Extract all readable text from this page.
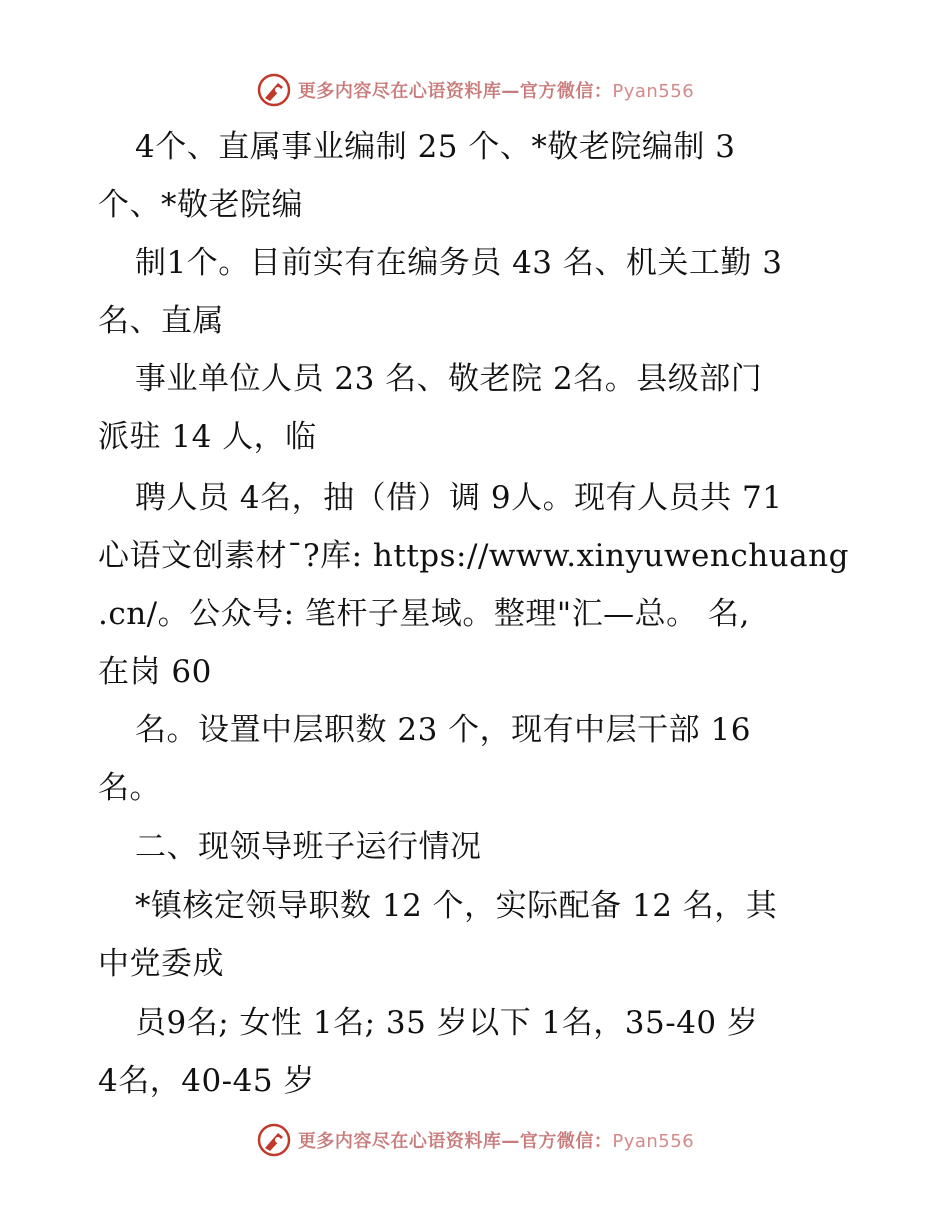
更多内容尽在心语资料库—官方微信：Pyan556
4个、直属事业编制 25 个、*敬老院编制 3
个、*敬老院编
制1个。目前实有在编务员 43 名、机关工勤 3
名、直属
事业单位人员 23 名、敬老院 2名。县级部门
派驻 14 人，临
聘人员 4名，抽（借）调 9人。现有人员共 71
心语文创素材¯?库: https://www.xinyuwenchuang
.cn/。公众号: 笔杆子星域。整理"汇—总。 名,
在岗 60
名。设置中层职数 23 个，现有中层干部 16
名。
二、现领导班子运行情况
*镇核定领导职数 12 个，实际配备 12 名，其
中党委成
员9名; 女性 1名; 35 岁以下 1名，35-40 岁
4名，40-45 岁
更多内容尽在心语资料库—官方微信：Pyan556
